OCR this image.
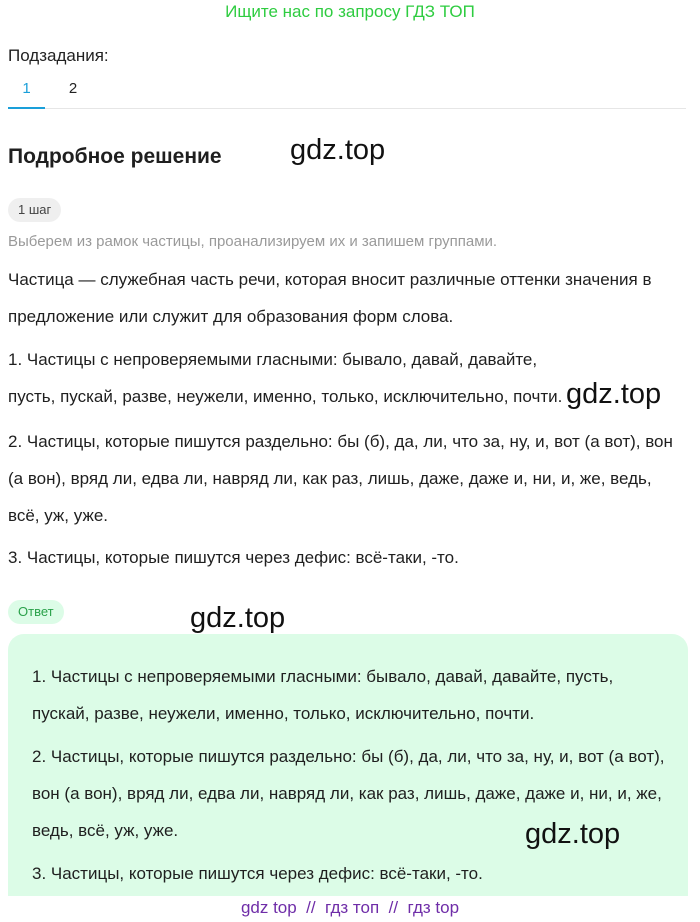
Ищите нас по запросу ГДЗ ТОП
Подзадания:
1	2
Подробное решение gdz.top
1 шаг
Выберем из рамок частицы, проанализируем их и запишем группами.

Частица — служебная часть речи, которая вносит различные оттенки значения в предложение или служит для образования форм слова.

1. Частицы с непроверяемыми гласными: бывало, давай, давайте, пусть, пускай, разве, неужели, именно, только, исключительно, почти. gdz.top

2. Частицы, которые пишутся раздельно: бы (б), да, ли, что за, ну, и, вот (а вот), вон (а вон), вряд ли, едва ли, навряд ли, как раз, лишь, даже, даже и, ни, и, же, ведь, всё, уж, уже.

3. Частицы, которые пишутся через дефис: всё-таки, -то.

Ответ	gdz.top

1. Частицы с непроверяемыми гласными: бывало, давай, давайте, пусть, пускай, разве, неужели, именно, только, исключительно, почти.

2. Частицы, которые пишутся раздельно: бы (б), да, ли, что за, ну, и, вот (а вот), вон (а вон), вряд ли, едва ли, навряд ли, как раз, лишь, даже, даже и, ни, и, же, ведь, всё, уж, уже.

3. Частицы, которые пишутся через дефис: всё-таки, -то.

gdz.top
gdz top  //  гдз топ  //  гдз top
